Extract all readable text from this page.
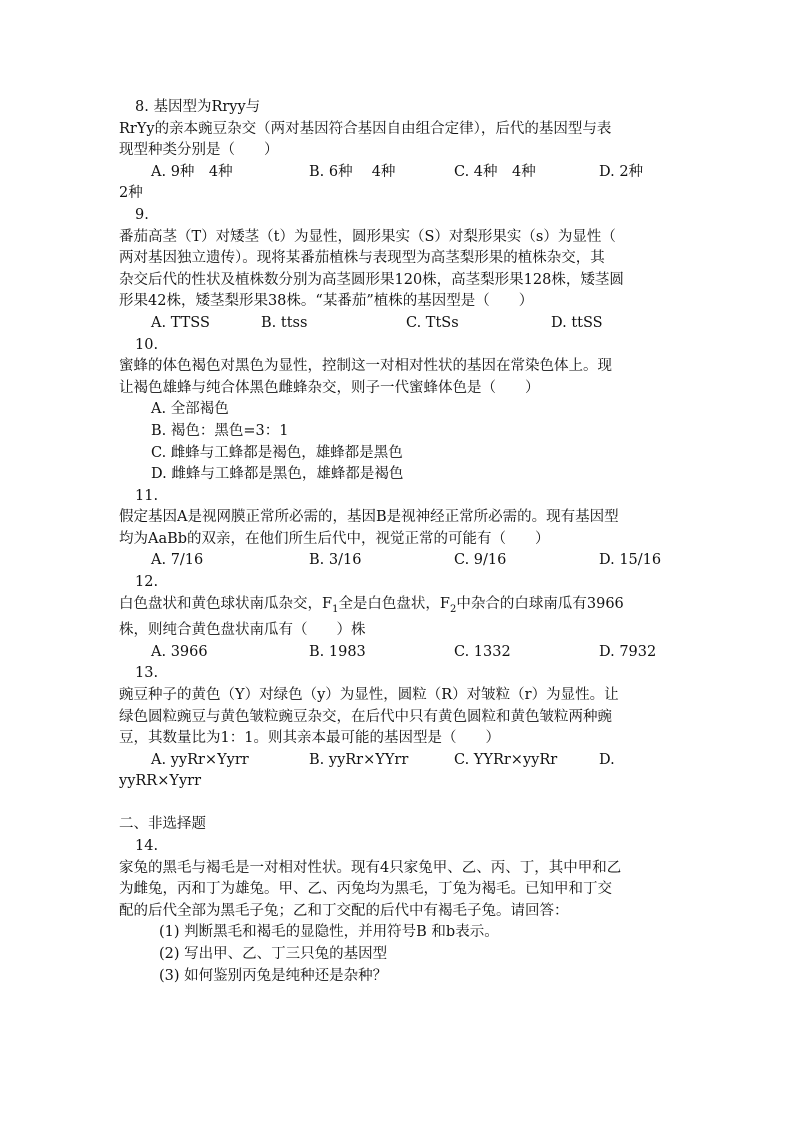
8. 基因型为Rryy与
RrYy的亲本豌豆杂交（两对基因符合基因自由组合定律），后代的基因型与表
现型种类分别是（　　）
A. 9种　4种	B. 6种　 4种	C. 4种　4种	D. 2种
2种
9.
番茄高茎（T）对矮茎（t）为显性，圆形果实（S）对梨形果实（s）为显性（
两对基因独立遗传）。现将某番茄植株与表现型为高茎梨形果的植株杂交，其
杂交后代的性状及植株数分别为高茎圆形果120株，高茎梨形果128株，矮茎圆
形果42株，矮茎梨形果38株。“某番茄”植株的基因型是（　　）
A. TTSS	B. ttss	C. TtSs	D. ttSS
10.
蜜蜂的体色褐色对黑色为显性，控制这一对相对性状的基因在常染色体上。现
让褐色雄蜂与纯合体黑色雌蜂杂交，则子一代蜜蜂体色是（　　）
A. 全部褐色
B. 褐色：黑色=3：1
C. 雌蜂与工蜂都是褐色，雄蜂都是黑色
D. 雌蜂与工蜂都是黑色，雄蜂都是褐色
11.
假定基因A是视网膜正常所必需的，基因B是视神经正常所必需的。现有基因型
均为AaBb的双亲，在他们所生后代中，视觉正常的可能有（　　）
A. 7/16	B. 3/16	C. 9/16	D. 15/16
12.
白色盘状和黄色球状南瓜杂交，$F_1$全是白色盘状，$F_2$中杂合的白球南瓜有3966
株，则纯合黄色盘状南瓜有（　　）株
A. 3966	B. 1983	C. 1332	D. 7932
13.
豌豆种子的黄色（Y）对绿色（y）为显性，圆粒（R）对皱粒（r）为显性。让
绿色圆粒豌豆与黄色皱粒豌豆杂交，在后代中只有黄色圆粒和黄色皱粒两种豌
豆，其数量比为1：1。则其亲本最可能的基因型是（　　）
A. yyRr×Yyrr	B. yyRr×YYrr	C. YYRr×yyRr	D.
yyRR×Yyrr
二、非选择题
14.
家兔的黑毛与褐毛是一对相对性状。现有4只家兔甲、乙、丙、丁，其中甲和乙
为雌兔，丙和丁为雄兔。甲、乙、丙兔均为黑毛，丁兔为褐毛。已知甲和丁交
配的后代全部为黑毛子兔；乙和丁交配的后代中有褐毛子兔。请回答：
(1) 判断黑毛和褐毛的显隐性，并用符号B 和b表示。
(2) 写出甲、乙、丁三只兔的基因型
(3) 如何鉴别丙兔是纯种还是杂种？
